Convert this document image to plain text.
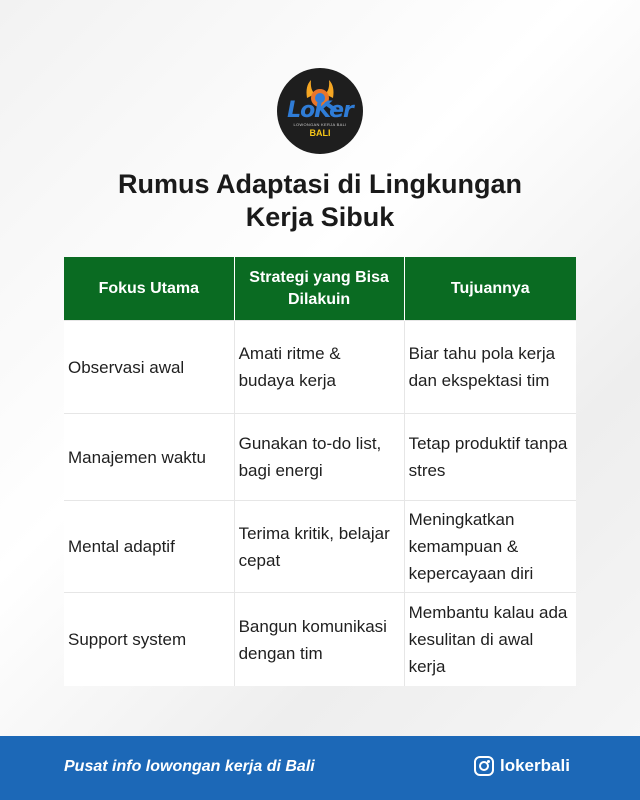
LoKer
LOWONGAN KERJA BALI
BALI
Rumus Adaptasi di Lingkungan
Kerja Sibuk
Fokus Utama	Strategi yang Bisa Dilakuin	Tujuannya
Observasi awal	Amati ritme & budaya kerja	Biar tahu pola kerja dan ekspektasi tim
Manajemen waktu	Gunakan to-do list, bagi energi	Tetap produktif tanpa stres
Mental adaptif	Terima kritik, belajar cepat	Meningkatkan kemampuan & kepercayaan diri
Support system	Bangun komunikasi dengan tim	Membantu kalau ada kesulitan di awal kerja
Pusat info lowongan kerja di Bali	lokerbali
